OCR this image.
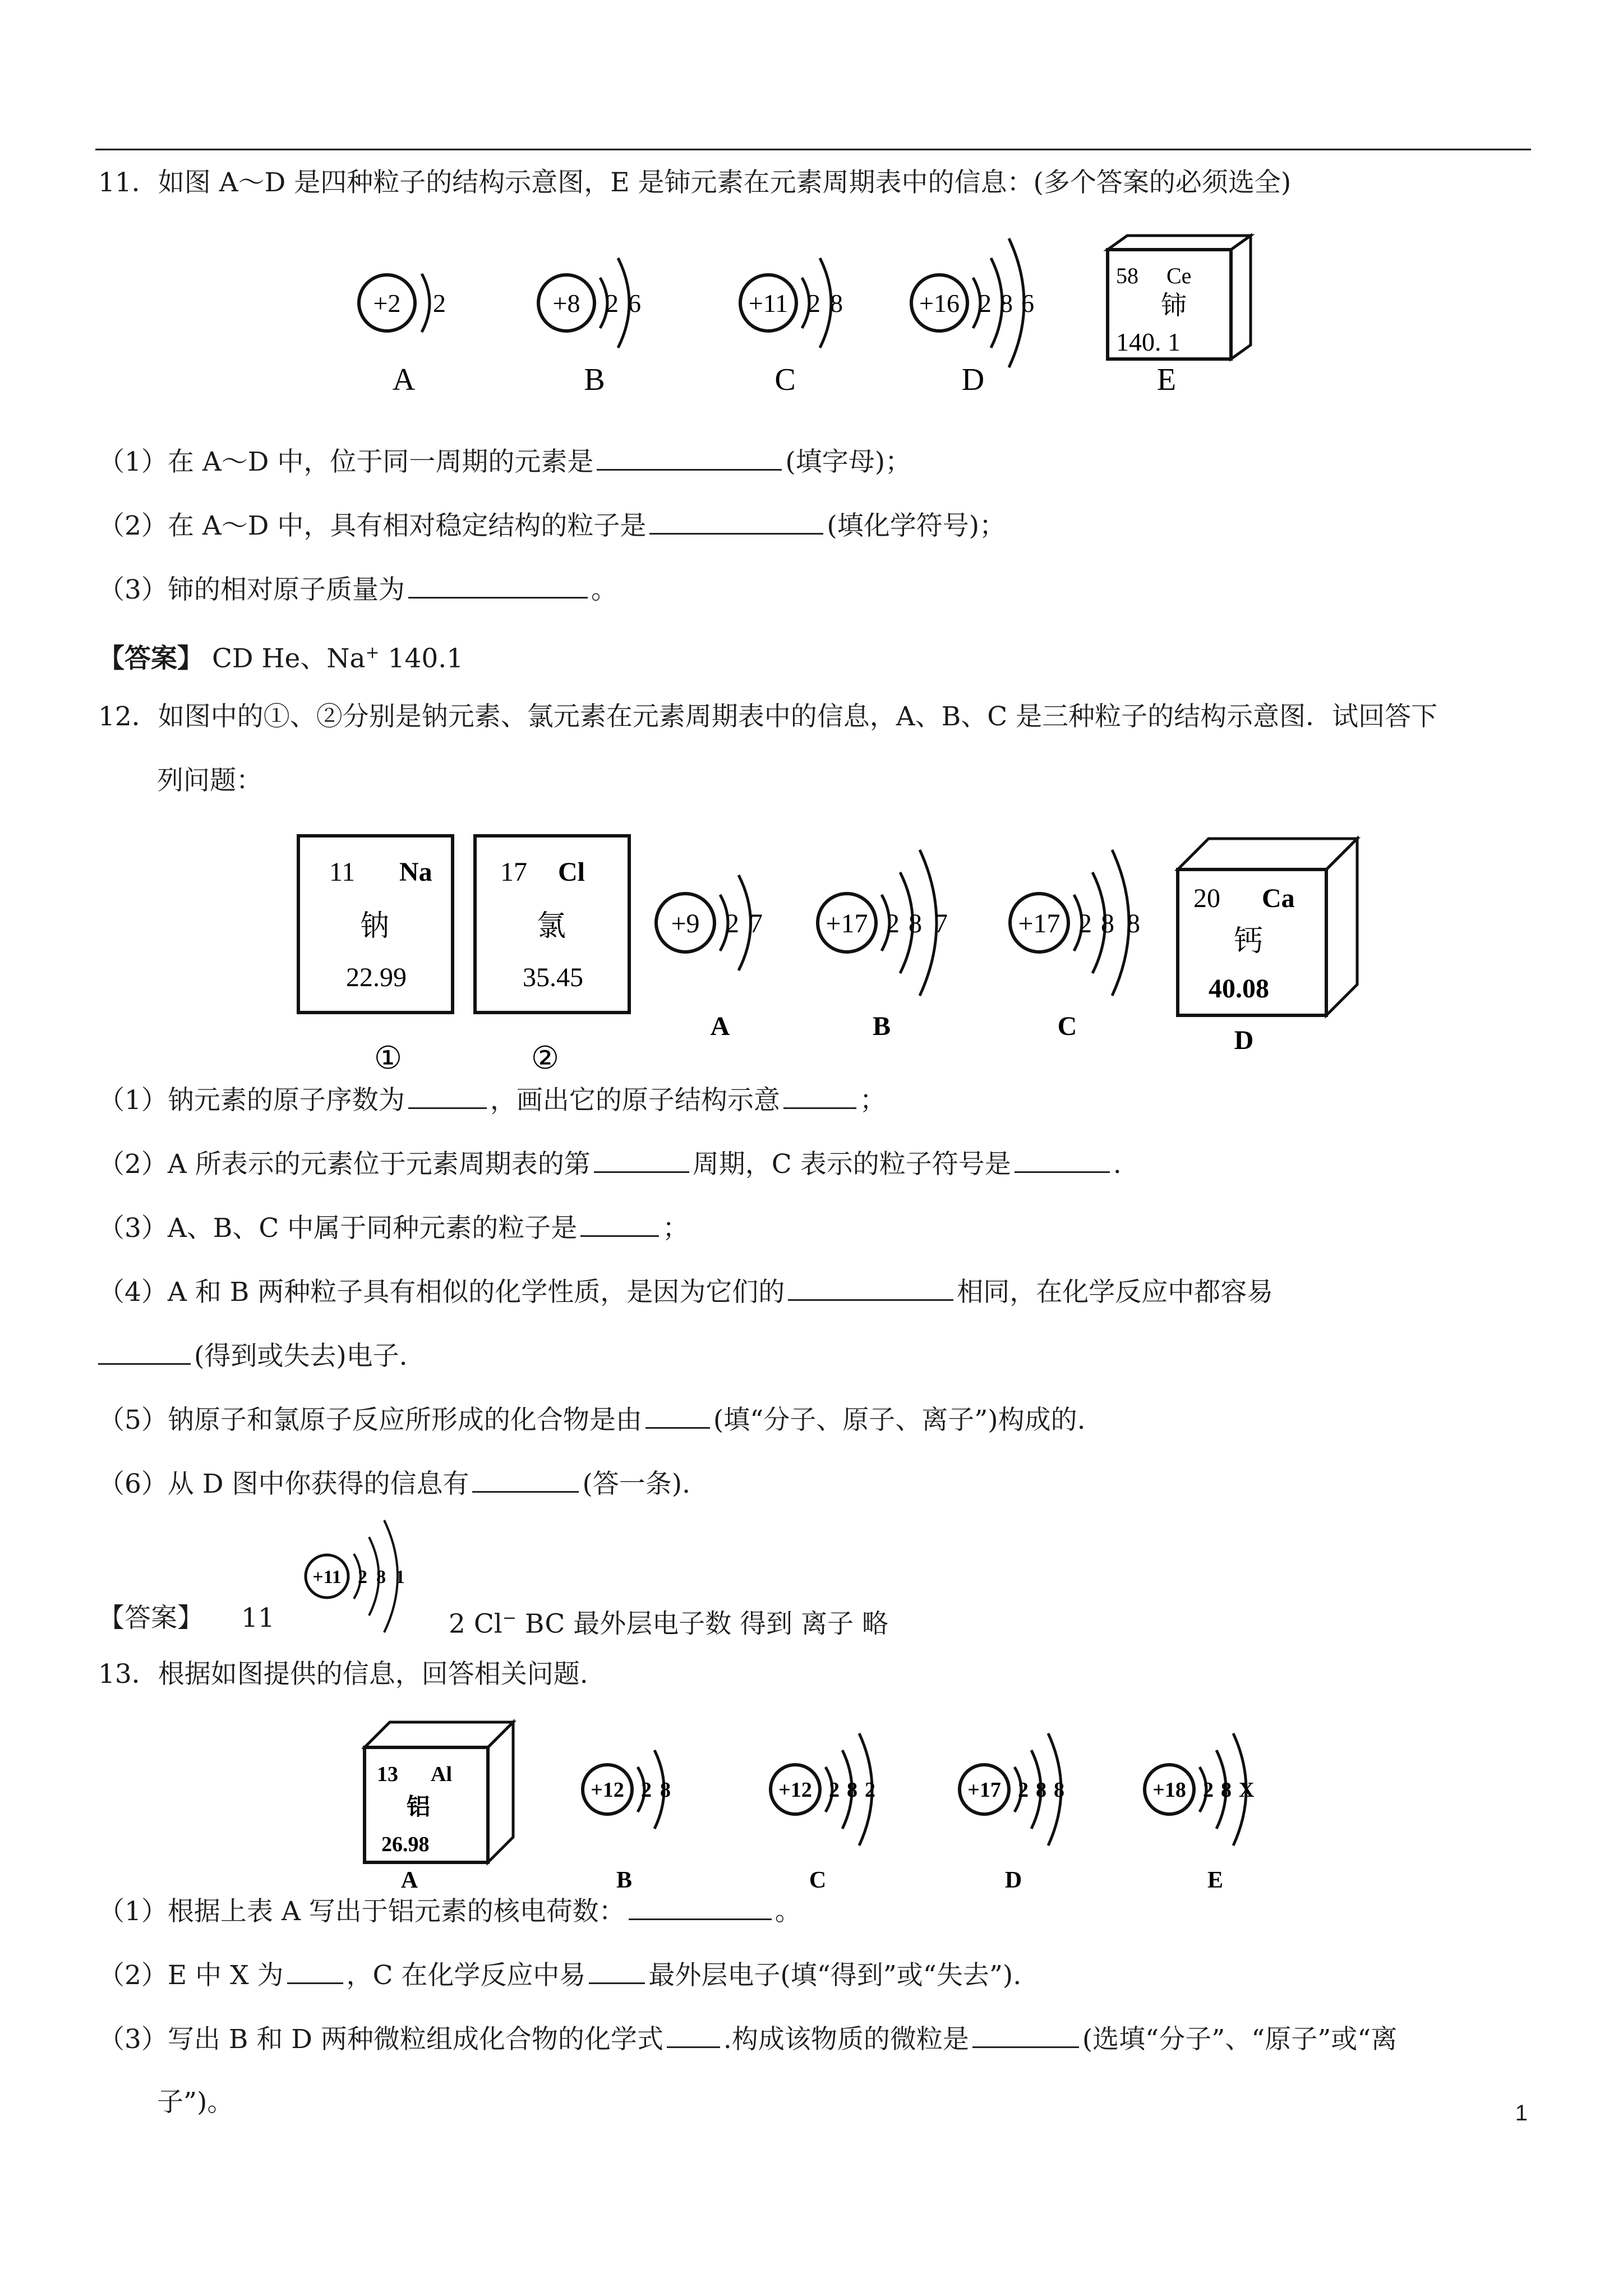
11．如图 A～D 是四种粒子的结构示意图，E 是铈元素在元素周期表中的信息：(多个答案的必须选全)
+2 2
A
+8 2 6
B
+11 2 8
C
+16 2 8 6
D
58 Ce
铈
140. 1
E
（1）在 A～D 中，位于同一周期的元素是	(填字母)；
（2）在 A～D 中，具有相对稳定结构的粒子是	(填化学符号)；
（3）铈的相对原子质量为	。
【答案】 CD He、Na+ 140.1
12．如图中的①、②分别是钠元素、氯元素在元素周期表中的信息，A、B、C 是三种粒子的结构示意图．试回答下
列问题：
11 Na
钠
22.99
①
17 Cl
氯
35.45
②
+9 2 7
A
+17 2 8 7
B
+17 2 8 8
C
20 Ca
钙
40.08
D
（1）钠元素的原子序数为	，画出它的原子结构示意	；
（2）A 所表示的元素位于元素周期表的第	周期，C 表示的粒子符号是	.
（3）A、B、C 中属于同种元素的粒子是	；
（4）A 和 B 两种粒子具有相似的化学性质，是因为它们的	相同，在化学反应中都容易
(得到或失去)电子.
（5）钠原子和氯原子反应所形成的化合物是由	(填“分子、原子、离子”)构成的.
（6）从 D 图中你获得的信息有	(答一条).
【答案】 11
+11 2 8 1
2 Cl− BC 最外层电子数 得到 离子 略
13．根据如图提供的信息，回答相关问题.
13 Al
铝
26.98
A
+12 2 8
B
+12 2 8 2
C
+17 2 8 8
D
+18 2 8 X
E
（1）根据上表 A 写出于铝元素的核电荷数：	。
（2）E 中 X 为 ，C 在化学反应中易 最外层电子(填“得到”或“失去”).
（3）写出 B 和 D 两种微粒组成化合物的化学式 .构成该物质的微粒是	(选填“分子”、“原子”或“离
子”)。	1
